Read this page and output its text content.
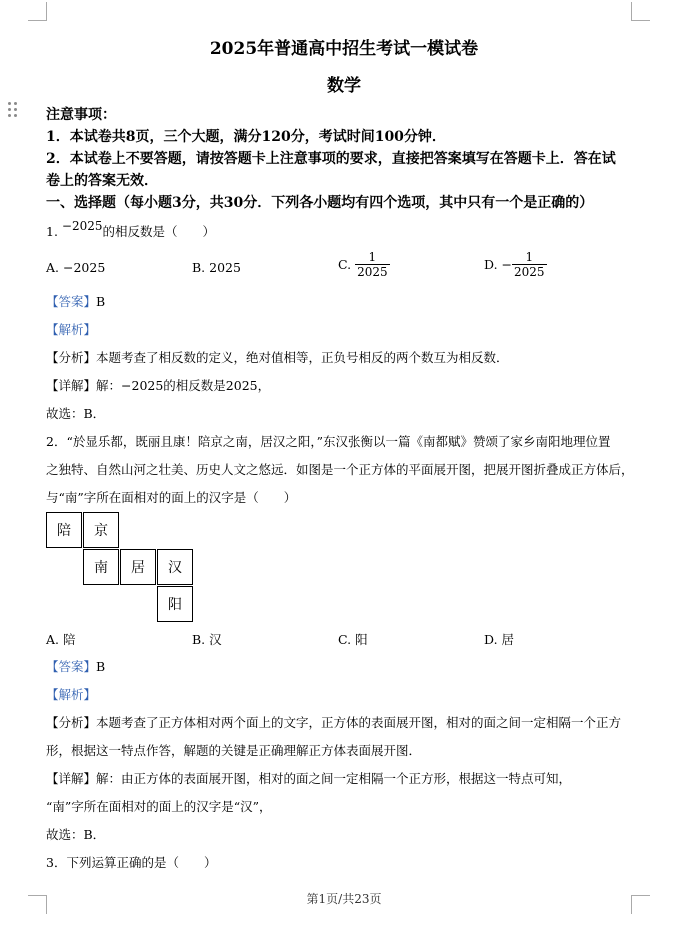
2025年普通高中招生考试一模试卷
数学
注意事项：
1．本试卷共8页，三个大题，满分120分，考试时间100分钟．
2．本试卷上不要答题，请按答题卡上注意事项的要求，直接把答案填写在答题卡上．答在试
卷上的答案无效．
一、选择题（每小题3分，共30分．下列各小题均有四个选项，其中只有一个是正确的）
1. −2025的相反数是（　　）
A. −2025	B. 2025	C. $\frac{1}{2025}$	D. − $\frac{1}{2025}$
【答案】B
【解析】
【分析】本题考查了相反数的定义，绝对值相等，正负号相反的两个数互为相反数．
【详解】解：−2025的相反数是2025，
故选：B．
2．“於显乐都，既丽且康！陪京之南，居汉之阳，”东汉张衡以一篇《南都赋》赞颂了家乡南阳地理位置
之独特、自然山河之壮美、历史人文之悠远．如图是一个正方体的平面展开图，把展开图折叠成正方体后，
与“南”字所在面相对的面上的汉字是（　　）
陪	京
南	居	汉
阳
A. 陪	B. 汉	C. 阳	D. 居
【答案】B
【解析】
【分析】本题考查了正方体相对两个面上的文字，正方体的表面展开图，相对的面之间一定相隔一个正方
形，根据这一特点作答，解题的关键是正确理解正方体表面展开图．
【详解】解：由正方体的表面展开图，相对的面之间一定相隔一个正方形，根据这一特点可知，
“南”字所在面相对的面上的汉字是“汉”，
故选：B．
3．下列运算正确的是（　　）
第1页/共23页
